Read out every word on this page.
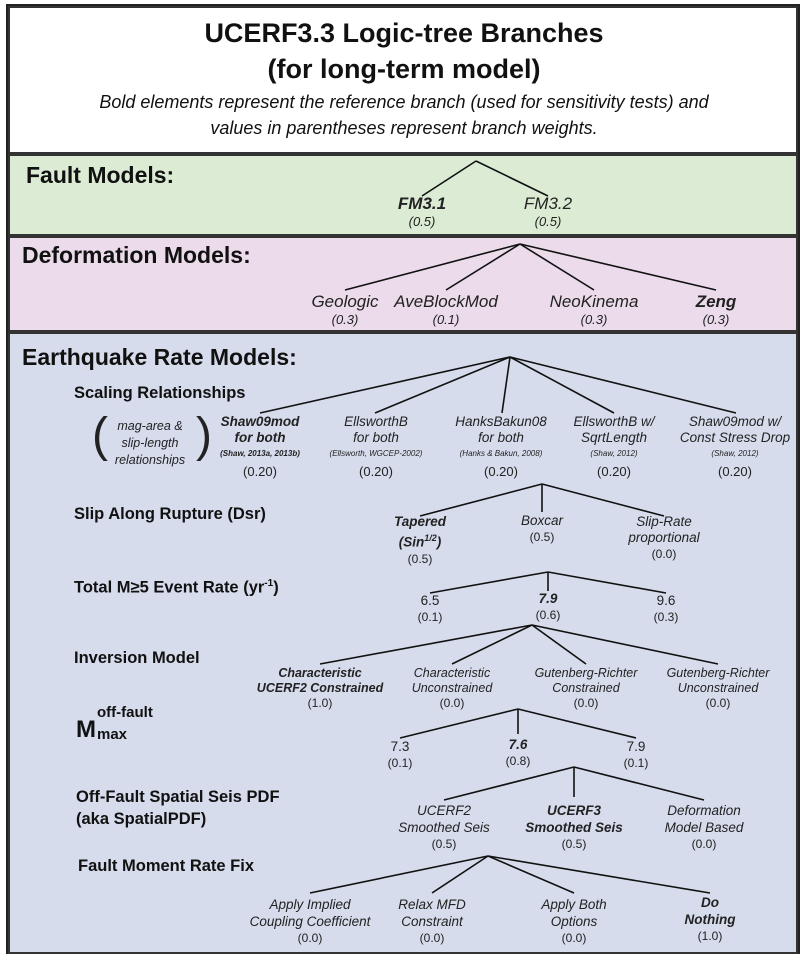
UCERF3.3 Logic-tree Branches
(for long-term model)
Bold elements represent the reference branch (used for sensitivity tests) and
values in parentheses represent branch weights.
Fault Models:
Deformation Models:
Earthquake Rate Models:
FM3.1
(0.5)
FM3.2
(0.5)
Geologic
(0.3)
AveBlockMod
(0.1)
NeoKinema
(0.3)
Zeng
(0.3)
Scaling Relationships
( )
mag-area &
slip-length
relationships
Shaw09mod
for both
(Shaw, 2013a, 2013b)
(0.20)
EllsworthB
for both
(Ellsworth, WGCEP-2002)
(0.20)
HanksBakun08
for both
(Hanks & Bakun, 2008)
(0.20)
EllsworthB w/
SqrtLength
(Shaw, 2012)
(0.20)
Shaw09mod w/
Const Stress Drop
(Shaw, 2012)
(0.20)
Slip Along Rupture (Dsr)	Tapered
(Sin$^{1/2}$)
(0.5)
Boxcar
(0.5)
Slip-Rate
proportional
(0.0)
Total M≥5 Event Rate $(yr^{-1})$
6.5
(0.1)
7.9
(0.6)
9.6
(0.3)
Inversion Model
Characteristic
UCERF2 Constrained
(1.0)
Characteristic
Unconstrained
(0.0)
Gutenberg-Richter
Constrained
(0.0)
Gutenberg-Richter
Unconstrained
(0.0)
M
off-fault
max
7.3
(0.1)
7.6
(0.8)
7.9
(0.1)
Off-Fault Spatial Seis PDF
(aka SpatialPDF)	UCERF2
Smoothed Seis
(0.5)
UCERF3
Smoothed Seis
(0.5)
Deformation
Model Based
(0.0)
Fault Moment Rate Fix
Apply Implied
Coupling Coefficient
(0.0)
Relax MFD
Constraint
(0.0)
Apply Both
Options
(0.0)
Do
Nothing
(1.0)
